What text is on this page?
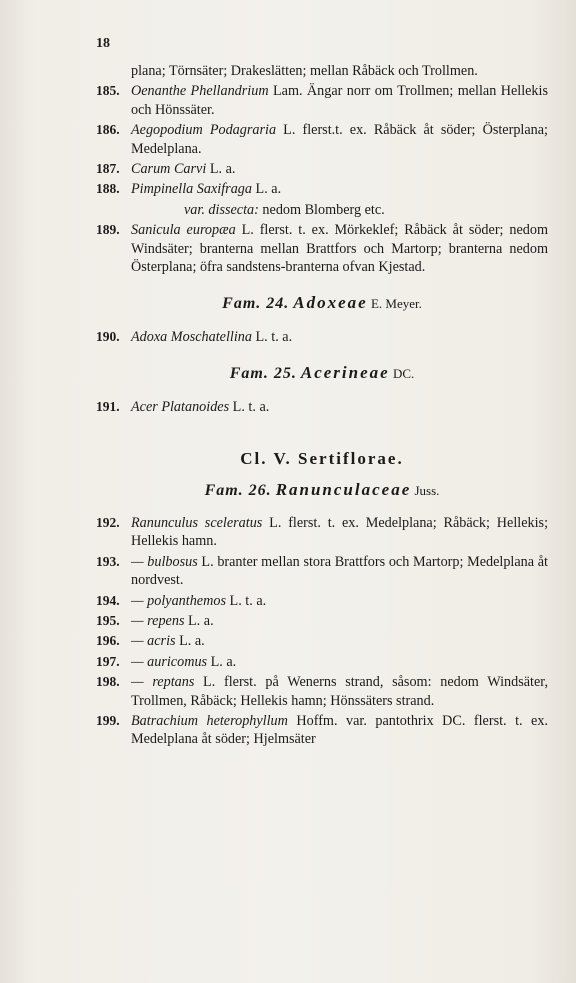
18
plana; Törnsäter; Drakeslätten; mellan Råbäck och Trollmen.
185. Oenanthe Phellandrium Lam. Ängar norr om Trollmen; mellan Hellekis och Hönssäter.
186. Aegopodium Podagraria L. flerst.t. ex. Råbäck åt söder; Österplana; Medelplana.
187. Carum Carvi L. a.
188. Pimpinella Saxifraga L. a.
var. dissecta: nedom Blomberg etc.
189. Sanicula europæa L. flerst. t. ex. Mörkeklef; Råbäck åt söder; nedom Windsäter; branterna mellan Brattfors och Martorp; branterna nedom Österplana; öfra sandstens-branterna ofvan Kjestad.
Fam. 24. Adoxeae E. Meyer.
190. Adoxa Moschatellina L. t. a.
Fam. 25. Acerineae DC.
191. Acer Platanoides L. t. a.
Cl. V. Sertiflorae.
Fam. 26. Ranunculaceae Juss.
192. Ranunculus sceleratus L. flerst. t. ex. Medelplana; Råbäck; Hellekis; Hellekis hamn.
193. — bulbosus L. branter mellan stora Brattfors och Martorp; Medelplana åt nordvest.
194. — polyanthemos L. t. a.
195. — repens L. a.
196. — acris L. a.
197. — auricomus L. a.
198. — reptans L. flerst. på Wenerns strand, såsom: nedom Windsäter, Trollmen, Råbäck; Hellekis hamn; Hönssäters strand.
199. Batrachium heterophyllum Hoffm. var. pantothrix DC. flerst. t. ex. Medelplana åt söder; Hjelmsäter
